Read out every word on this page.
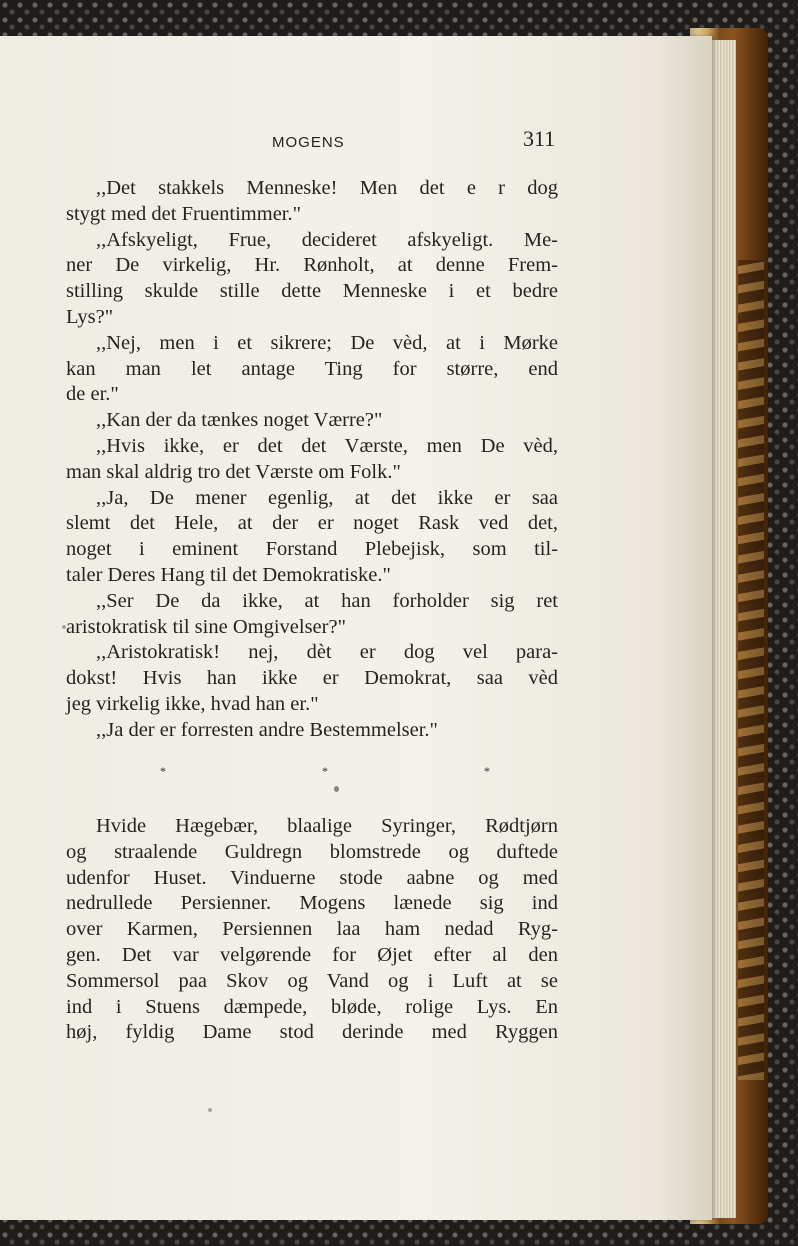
MOGENS	311
,,Det stakkels Menneske! Men det e r dog
stygt med det Fruentimmer."
,,Afskyeligt, Frue, decideret afskyeligt. Me-
ner De virkelig, Hr. Rønholt, at denne Frem-
stilling skulde stille dette Menneske i et bedre
Lys?"
,,Nej, men i et sikrere; De vèd, at i Mørke
kan man let antage Ting for større, end
de er."
,,Kan der da tænkes noget Værre?"
,,Hvis ikke, er det det Værste, men De vèd,
man skal aldrig tro det Værste om Folk."
,,Ja, De mener egenlig, at det ikke er saa
slemt det Hele, at der er noget Rask ved det,
noget i eminent Forstand Plebejisk, som til-
taler Deres Hang til det Demokratiske."
,,Ser De da ikke, at han forholder sig ret
aristokratisk til sine Omgivelser?"
,,Aristokratisk! nej, dèt er dog vel para-
dokst! Hvis han ikke er Demokrat, saa vèd
jeg virkelig ikke, hvad han er."
,,Ja der er forresten andre Bestemmelser."
*	*	*
Hvide Hægebær, blaalige Syringer, Rødtjørn
og straalende Guldregn blomstrede og duftede
udenfor Huset. Vinduerne stode aabne og med
nedrullede Persienner. Mogens lænede sig ind
over Karmen, Persiennen laa ham nedad Ryg-
gen. Det var velgørende for Øjet efter al den
Sommersol paa Skov og Vand og i Luft at se
ind i Stuens dæmpede, bløde, rolige Lys. En
høj, fyldig Dame stod derinde med Ryggen
